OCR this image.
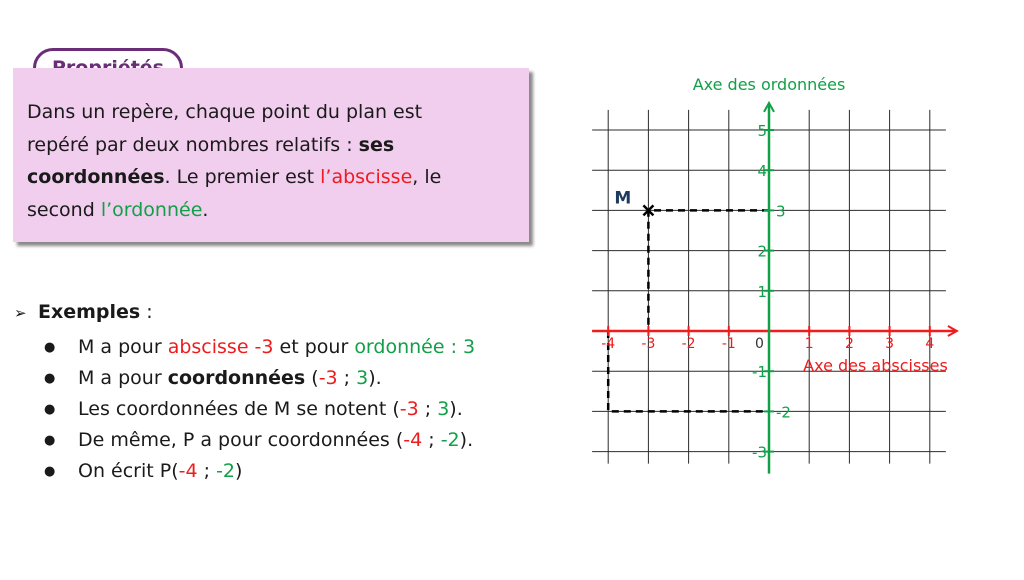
Dans un repère, chaque point du plan est
repéré par deux nombres relatifs : ses
coordonnées. Le premier est l’abscisse, le
second l’ordonnée.
➢ Exemples :
● M a pour abscisse -3 et pour ordonnée : 3
● M a pour coordonnées (-3 ; 3).
● Les coordonnées de M se notent (-3 ; 3).
● De même, P a pour coordonnées (-4 ; -2).
● On écrit P(-4 ; -2)
Axe des ordonnées
Axe des abscisses
-4 -3 -2 -1	1 2 3 4
-3
-2
-1
1
2
3
4
5
0
M
